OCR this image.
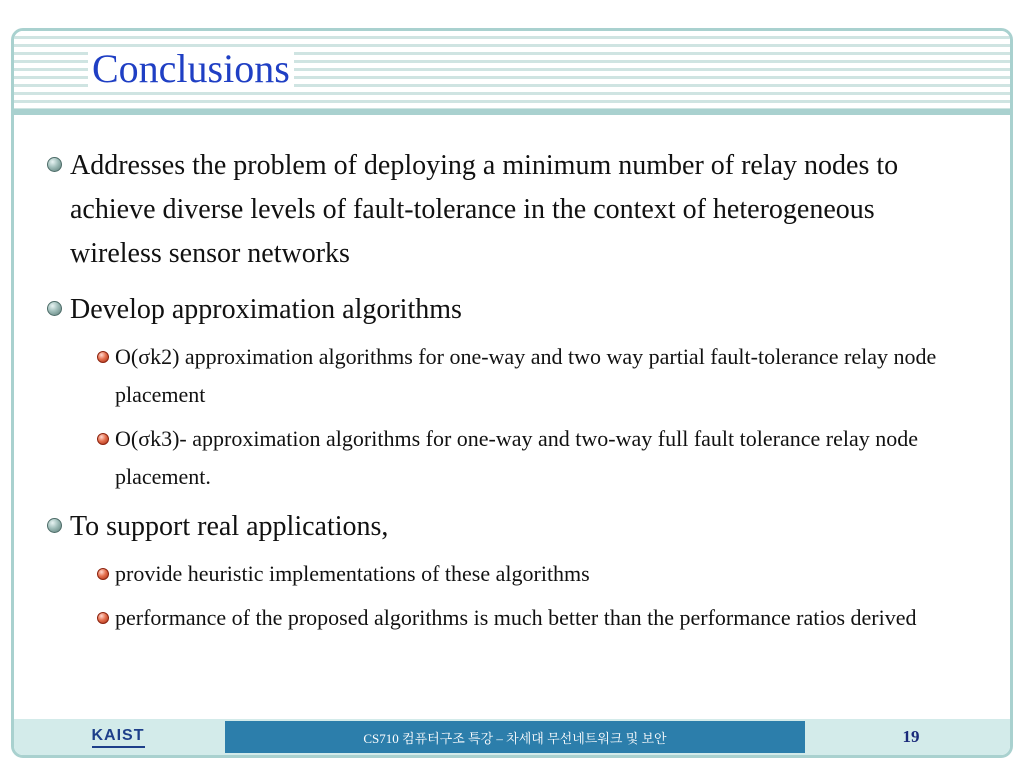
Conclusions
KAIST	CS710 컴퓨터구조 특강 – 차세대 무선네트워크 및 보안	19
Addresses the problem of deploying a minimum number of relay nodes to achieve diverse levels of fault-tolerance in the context of heterogeneous wireless sensor networks
Develop approximation algorithms
O(σk2) approximation algorithms for one-way and two way partial fault-tolerance relay node placement
O(σk3)- approximation algorithms for one-way and two-way full fault tolerance relay node placement.
To support real applications,
provide heuristic implementations of these algorithms
performance of the proposed algorithms is much better than the performance ratios derived
